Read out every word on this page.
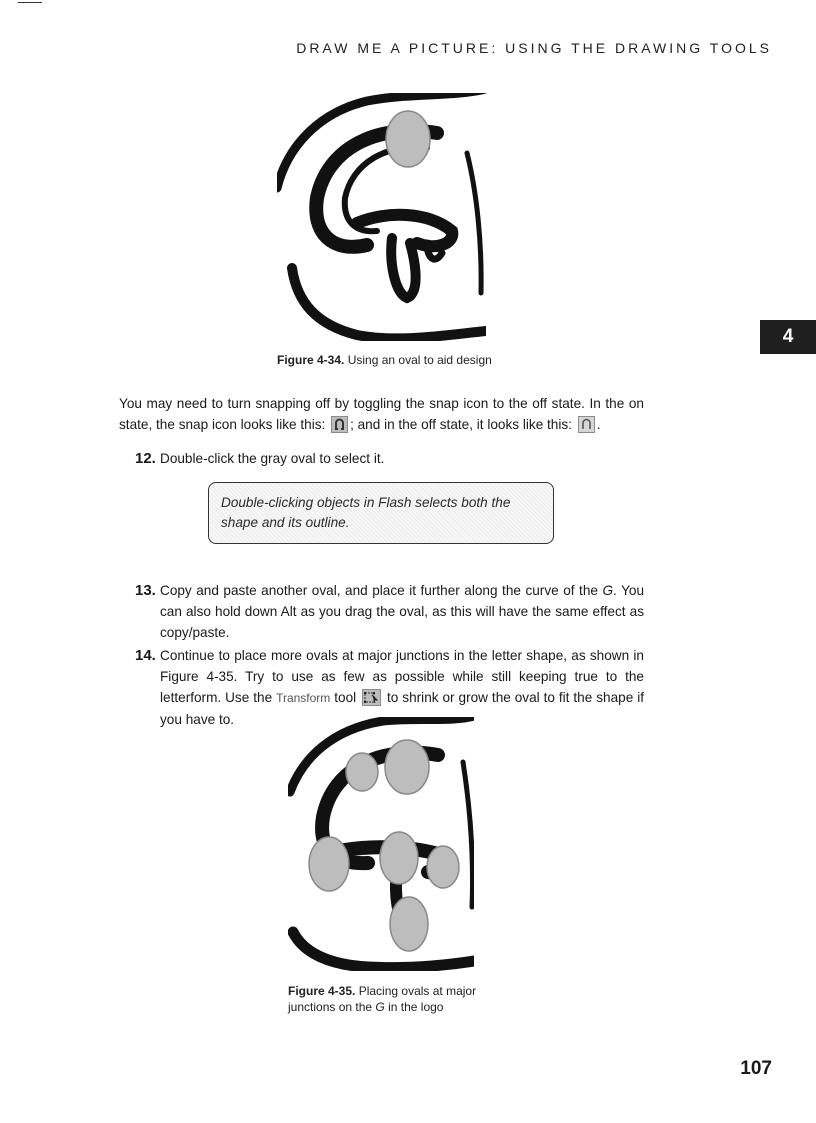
DRAW ME A PICTURE: USING THE DRAWING TOOLS
Figure 4-34. Using an oval to aid design
4
You may need to turn snapping off by toggling the snap icon to the off state. In the on state, the snap icon looks like this:
; and in the off state, it looks like this:
.
12. Double-click the gray oval to select it.
Double-clicking objects in Flash selects both the shape and its outline.
13. Copy and paste another oval, and place it further along the curve of the G. You can also hold down Alt as you drag the oval, as this will have the same effect as copy/paste.
14. Continue to place more ovals at major junctions in the letter shape, as shown in Figure 4-35. Try to use as few as possible while still keeping true to the letterform. Use the Transform tool
to shrink or grow the oval to fit the shape if you have to.
Figure 4-35. Placing ovals at major junctions on the G in the logo
107
